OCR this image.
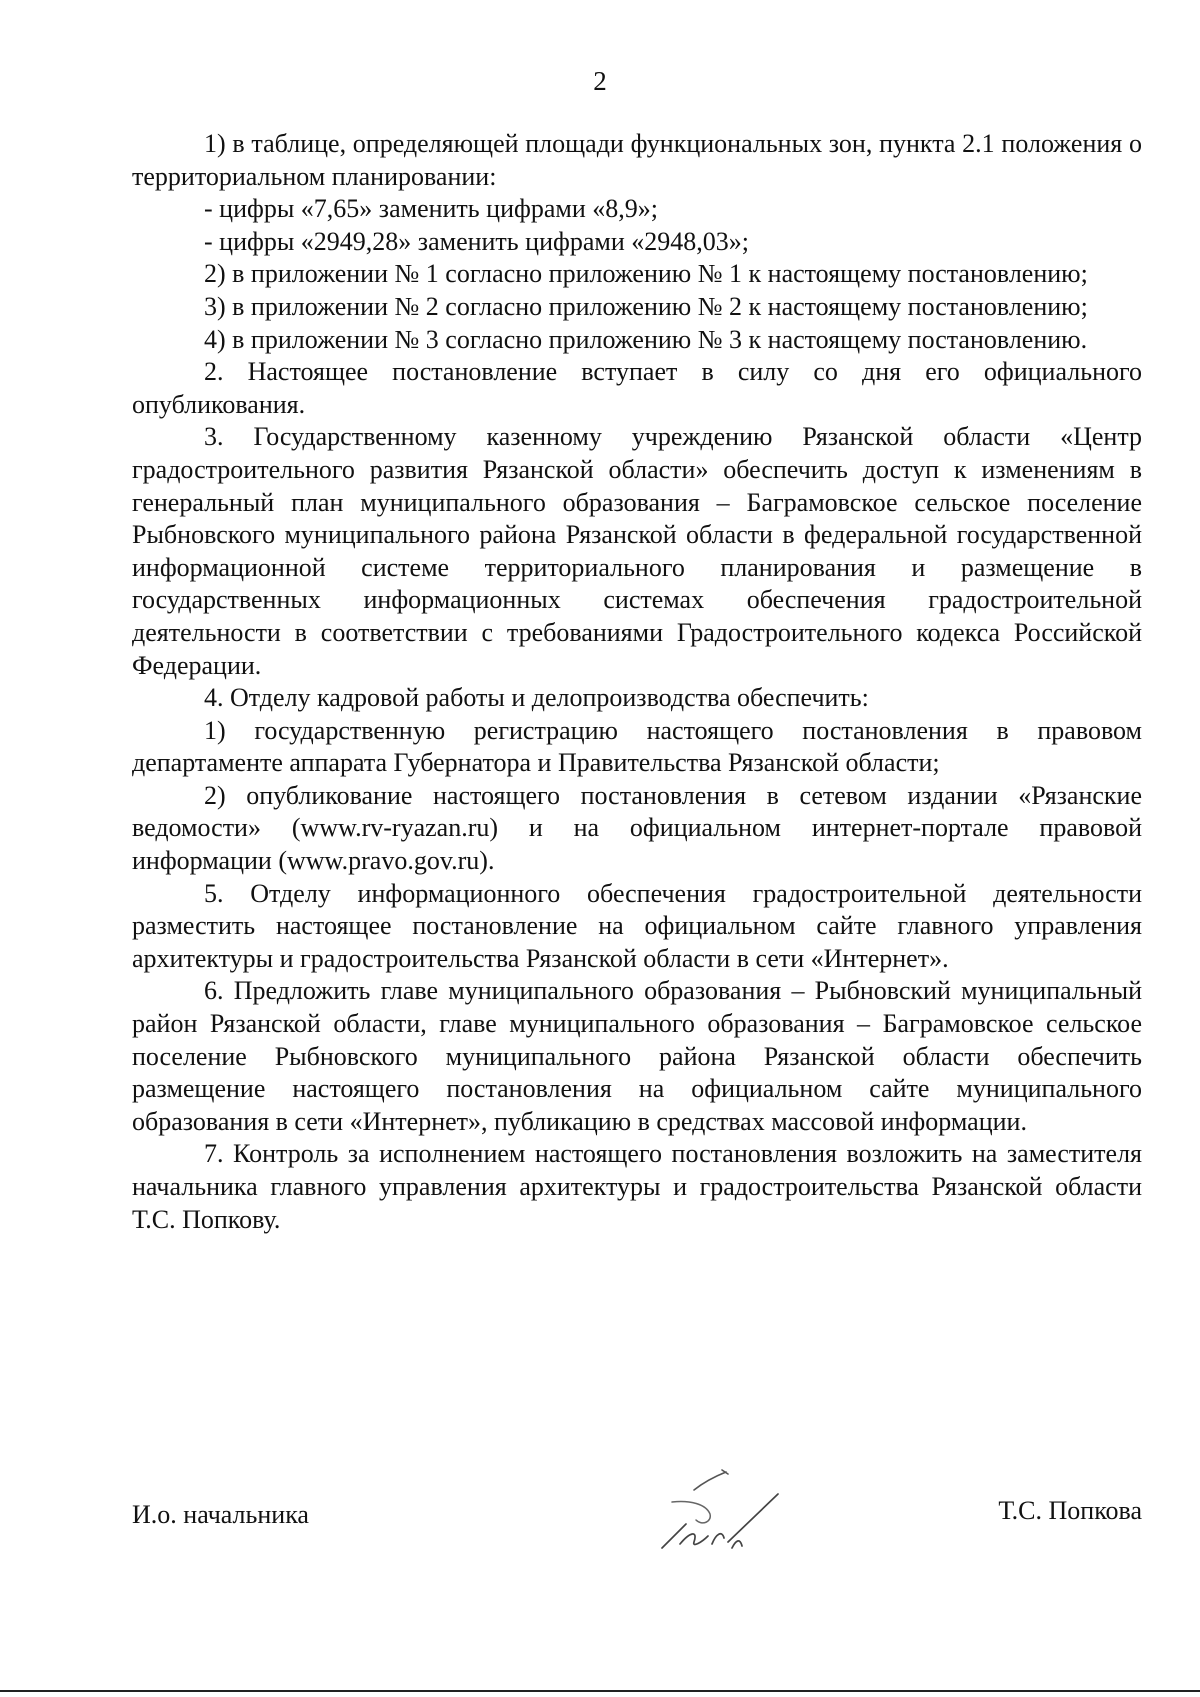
2

1) в таблице, определяющей площади функциональных зон, пункта 2.1 положения о территориальном планировании:

- цифры «7,65» заменить цифрами «8,9»;

- цифры «2949,28» заменить цифрами «2948,03»;

2) в приложении № 1 согласно приложению № 1 к настоящему постановлению;

3) в приложении № 2 согласно приложению № 2 к настоящему постановлению;

4) в приложении № 3 согласно приложению № 3 к настоящему постановлению.

2. Настоящее постановление вступает в силу со дня его официального опубликования.

3. Государственному казенному учреждению Рязанской области «Центр градостроительного развития Рязанской области» обеспечить доступ к изменениям в генеральный план муниципального образования – Баграмовское сельское поселение Рыбновского муниципального района Рязанской области в федеральной государственной информационной системе территориального планирования и размещение в государственных информационных системах обеспечения градостроительной деятельности в соответствии с требованиями Градостроительного кодекса Российской Федерации.

4. Отделу кадровой работы и делопроизводства обеспечить:

1) государственную регистрацию настоящего постановления в правовом департаменте аппарата Губернатора и Правительства Рязанской области;

2) опубликование настоящего постановления в сетевом издании «Рязанские ведомости» (www.rv-ryazan.ru) и на официальном интернет-портале правовой информации (www.pravo.gov.ru).

5. Отделу информационного обеспечения градостроительной деятельности разместить настоящее постановление на официальном сайте главного управления архитектуры и градостроительства Рязанской области в сети «Интернет».

6. Предложить главе муниципального образования – Рыбновский муниципальный район Рязанской области, главе муниципального образования – Баграмовское сельское поселение Рыбновского муниципального района Рязанской области обеспечить размещение настоящего постановления на официальном сайте муниципального образования в сети «Интернет», публикацию в средствах массовой информации.

7. Контроль за исполнением настоящего постановления возложить на заместителя начальника главного управления архитектуры и градостроительства Рязанской области Т.С. Попкову.

И.о. начальника	Т.С. Попкова
